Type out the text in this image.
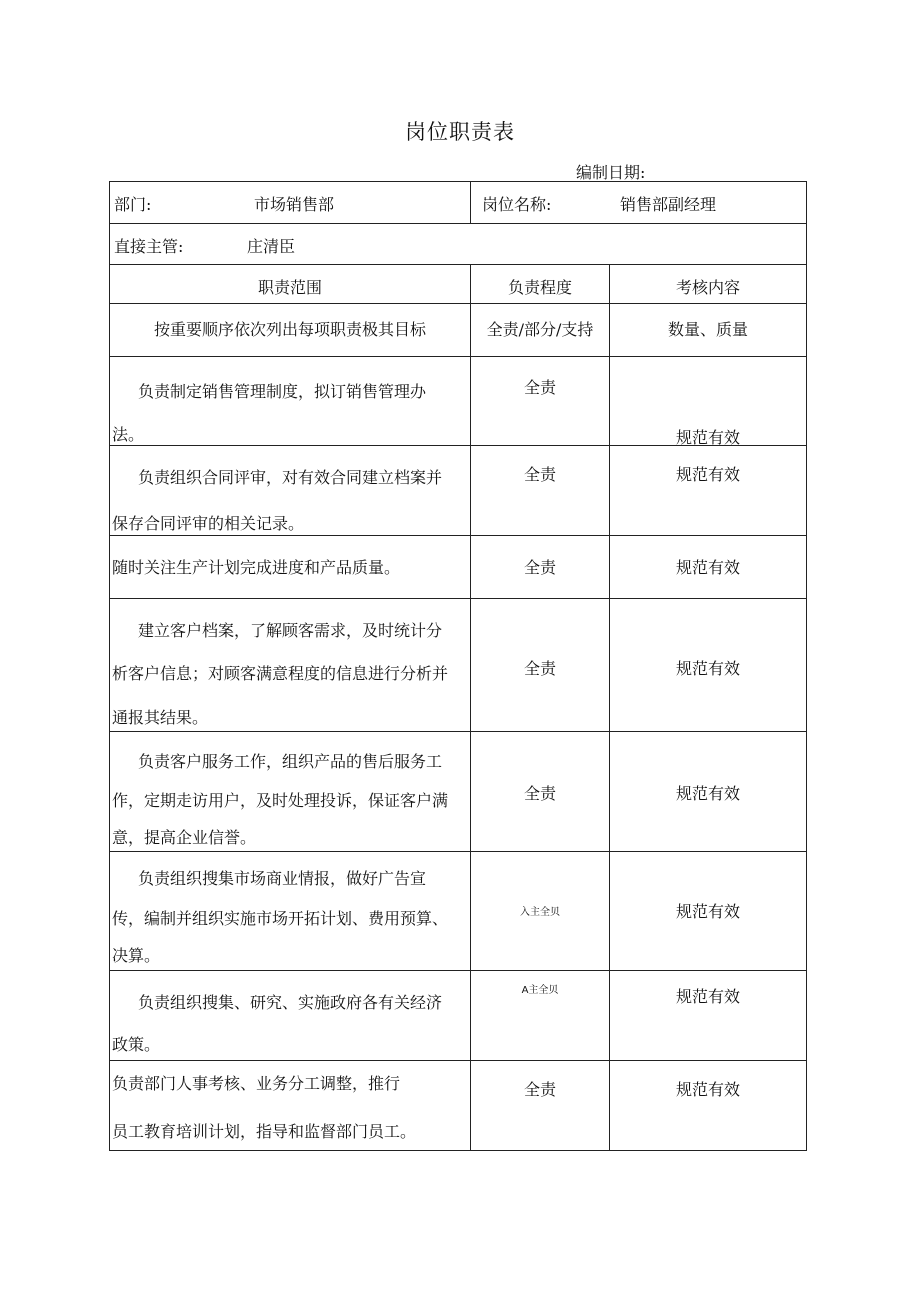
岗位职责表
编制日期:
部门: 市场销售部	岗位名称: 销售部副经理	

直接主管: 庄清臣		

职责范围	负责程度	考核内容

按重要顺序依次列出每项职责极其目标	全责/部分/支持	数量、质量

负责制定销售管理制度，拟订销售管理办
法。	全责	规范有效

负责组织合同评审，对有效合同建立档案并
保存合同评审的相关记录。	全责	规范有效

随时关注生产计划完成进度和产品质量。	全责	规范有效

建立客户档案，了解顾客需求，及时统计分
析客户信息；对顾客满意程度的信息进行分析并
通报其结果。	全责	规范有效

负责客户服务工作，组织产品的售后服务工
作，定期走访用户，及时处理投诉，保证客户满
意，提高企业信誉。	全责	规范有效

负责组织搜集市场商业情报，做好广告宣
传，编制并组织实施市场开拓计划、费用预算、
决算。	入主全贝	规范有效

负责组织搜集、研究、实施政府各有关经济
政策。	A主全贝	规范有效

负责部门人事考核、业务分工调整，推行
员工教育培训计划，指导和监督部门员工。	全责	规范有效
